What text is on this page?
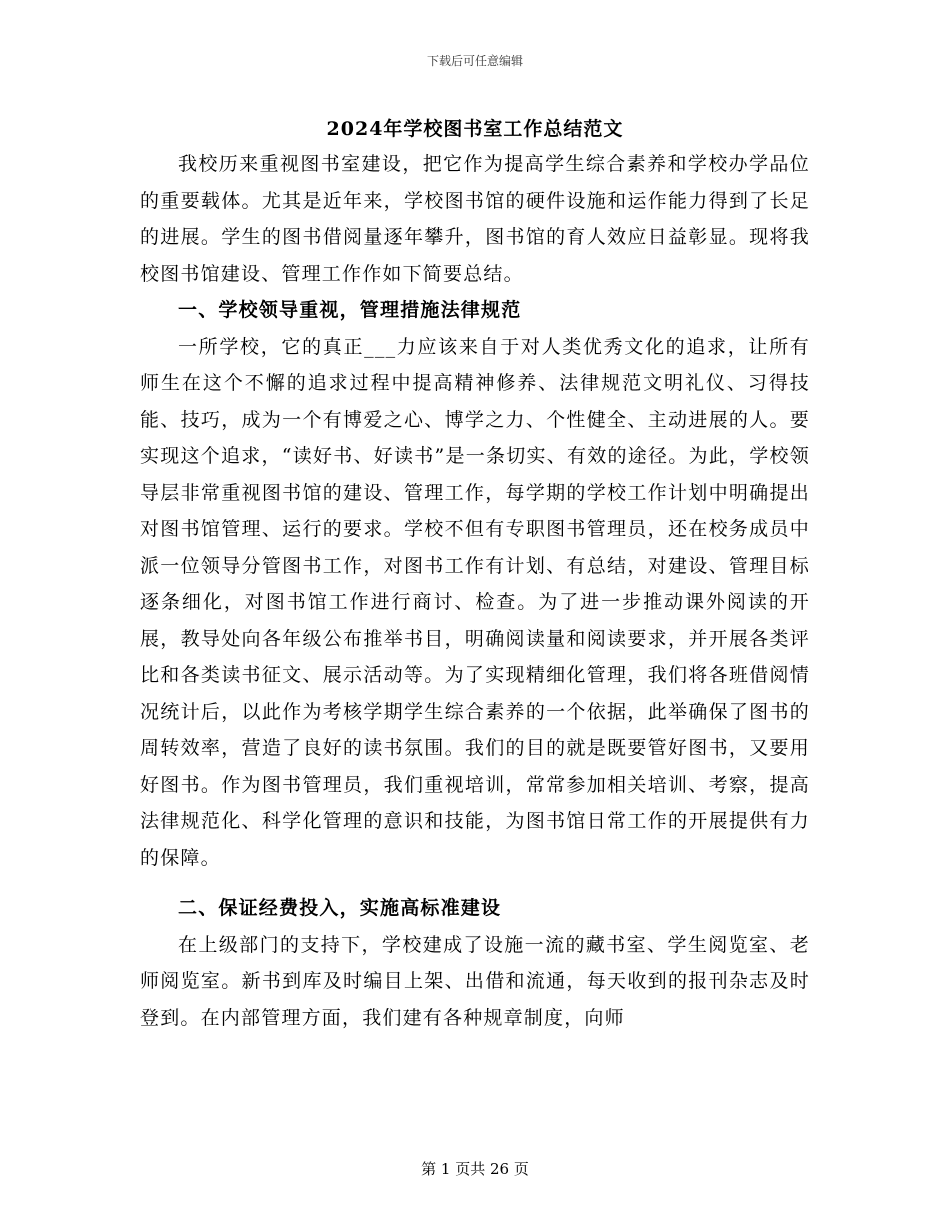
下载后可任意编辑
2024年学校图书室工作总结范文

我校历来重视图书室建设，把它作为提高学生综合素养和学校办学品位的重要载体。尤其是近年来，学校图书馆的硬件设施和运作能力得到了长足的进展。学生的图书借阅量逐年攀升，图书馆的育人效应日益彰显。现将我校图书馆建设、管理工作作如下简要总结。

一、学校领导重视，管理措施法律规范

一所学校，它的真正___力应该来自于对人类优秀文化的追求，让所有师生在这个不懈的追求过程中提高精神修养、法律规范文明礼仪、习得技能、技巧，成为一个有博爱之心、博学之力、个性健全、主动进展的人。要实现这个追求，“读好书、好读书”是一条切实、有效的途径。为此，学校领导层非常重视图书馆的建设、管理工作，每学期的学校工作计划中明确提出对图书馆管理、运行的要求。学校不但有专职图书管理员，还在校务成员中派一位领导分管图书工作，对图书工作有计划、有总结，对建设、管理目标逐条细化，对图书馆工作进行商讨、检查。为了进一步推动课外阅读的开展，教导处向各年级公布推举书目，明确阅读量和阅读要求，并开展各类评比和各类读书征文、展示活动等。为了实现精细化管理，我们将各班借阅情况统计后，以此作为考核学期学生综合素养的一个依据，此举确保了图书的周转效率，营造了良好的读书氛围。我们的目的就是既要管好图书，又要用好图书。作为图书管理员，我们重视培训，常常参加相关培训、考察，提高法律规范化、科学化管理的意识和技能，为图书馆日常工作的开展提供有力的保障。

二、保证经费投入，实施高标准建设

在上级部门的支持下，学校建成了设施一流的藏书室、学生阅览室、老师阅览室。新书到库及时编目上架、出借和流通，每天收到的报刊杂志及时登到。在内部管理方面，我们建有各种规章制度，向师

第 1 页共 26 页
